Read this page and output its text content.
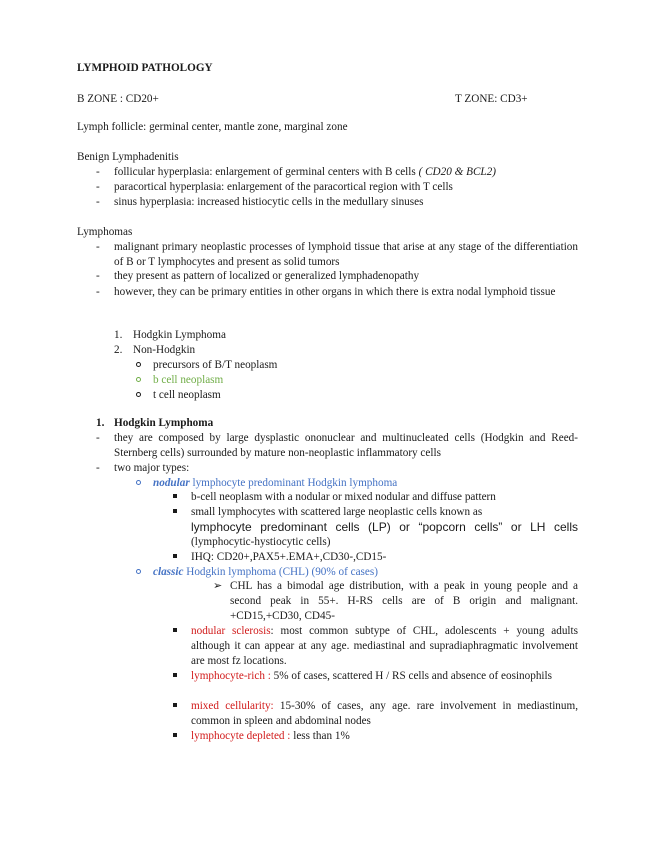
LYMPHOID PATHOLOGY
B ZONE : CD20+	T ZONE: CD3+
Lymph follicle: germinal center, mantle zone, marginal zone
Benign Lymphadenitis
- follicular hyperplasia: enlargement of germinal centers with B cells ( CD20 & BCL2)
- paracortical hyperplasia: enlargement of the paracortical region with T cells
- sinus hyperplasia: increased histiocytic cells in the medullary sinuses
Lymphomas
- malignant primary neoplastic processes of lymphoid tissue that arise at any stage of the differentiation of B or T lymphocytes and present as solid tumors
- they present as pattern of localized or generalized lymphadenopathy
- however, they can be primary entities in other organs in which there is extra nodal lymphoid tissue
1. Hodgkin Lymphoma
2. Non-Hodgkin
precursors of B/T neoplasm
b cell neoplasm
t cell neoplasm
1. Hodgkin Lymphoma
- they are composed by large dysplastic ononuclear and multinucleated cells (Hodgkin and Reed-Sternberg cells) surrounded by mature non-neoplastic inflammatory cells
- two major types:
nodular lymphocyte predominant Hodgkin lymphoma
b-cell neoplasm with a nodular or mixed nodular and diffuse pattern
small lymphocytes with scattered large neoplastic cells known as
lymphocyte predominant cells (LP) or “popcorn cells” or LH cells
(lymphocytic-hystiocytic cells)
IHQ: CD20+,PAX5+.EMA+,CD30-,CD15-
classic Hodgkin lymphoma (CHL) (90% of cases)
➢ CHL has a bimodal age distribution, with a peak in young people and a second peak in 55+. H-RS cells are of B origin and malignant. +CD15,+CD30, CD45-
nodular sclerosis: most common subtype of CHL, adolescents + young adults although it can appear at any age. mediastinal and supradiaphragmatic involvement are most fz locations.
lymphocyte-rich : 5% of cases, scattered H / RS cells and absence of eosinophils
mixed cellularity: 15-30% of cases, any age. rare involvement in mediastinum, common in spleen and abdominal nodes
lymphocyte depleted : less than 1%
